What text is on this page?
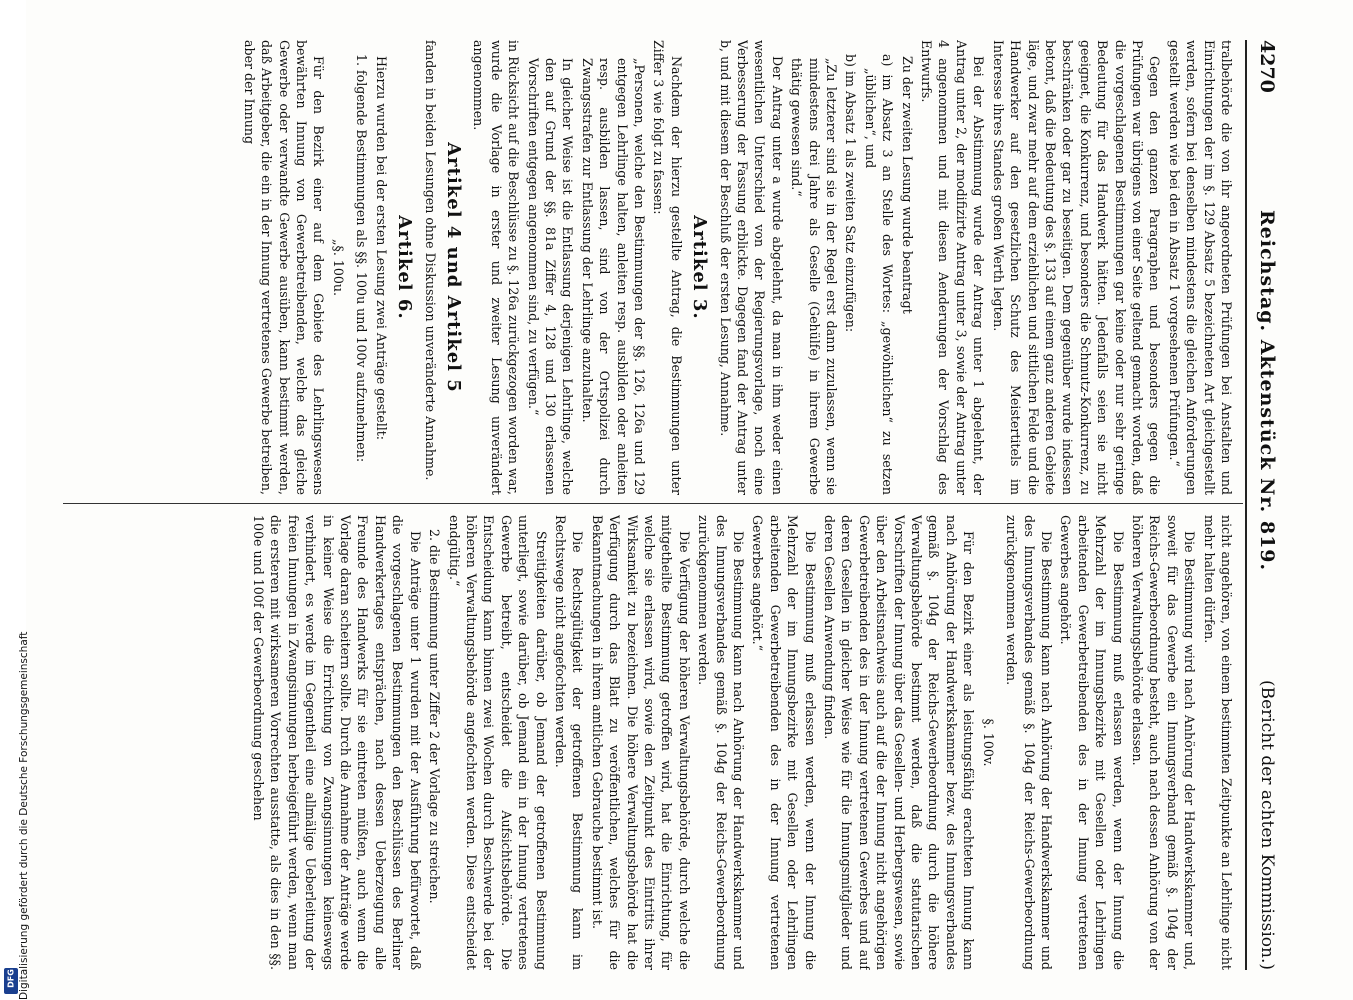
4270
Reichstag. Aktenstück Nr. 819.
(Bericht der achten Kommission.)

tralbehörde die von ihr angeordneten Prüfungen bei Anstalten und Einrichtungen der im §. 129 Absatz 5 bezeichneten Art gleichgestellt werden, sofern bei denselben mindestens die gleichen Anforderungen gestellt werden wie bei den in Absatz 1 vorgesehenen Prüfungen.“

Gegen den ganzen Paragraphen und besonders gegen die Prüfungen war übrigens von einer Seite geltend gemacht worden, daß die vorgeschlagenen Bestimmungen gar keine oder nur sehr geringe Bedeutung für das Handwerk hätten. Jedenfalls seien sie nicht geeignet, die Konkurrenz, und besonders die Schmutz-Konkurrenz, zu beschränken oder gar zu beseitigen. Dem gegenüber wurde indessen betont, daß die Bedeutung des §. 133 auf einem ganz anderen Gebiete läge, und zwar mehr auf dem erziehlichen und sittlichen Felde und die Handwerker auf den gesetzlichen Schutz des Meistertitels im Interesse ihres Standes großen Werth legten.

Bei der Abstimmung wurde der Antrag unter 1 abgelehnt, der Antrag unter 2, der modifizirte Antrag unter 3, sowie der Antrag unter 4 angenommen und mit diesen Aenderungen der Vorschlag des Entwurfs.

Zu der zweiten Lesung wurde beantragt

a) im Absatz 3 an Stelle des Wortes: „gewöhnlichen“ zu setzen „üblichen“, und

b) im Absatz 1 als zweiten Satz einzufügen:

„Zu letzterer sind sie in der Regel erst dann zuzulassen, wenn sie mindestens drei Jahre als Geselle (Gehülfe) in ihrem Gewerbe thätig gewesen sind.“

Der Antrag unter a wurde abgelehnt, da man in ihm weder einen wesentlichen Unterschied von der Regierungsvorlage, noch eine Verbesserung der Fassung erblickte. Dagegen fand der Antrag unter b, und mit diesem der Beschluß der ersten Lesung, Annahme.

Artikel 3.

Nachdem der hierzu gestellte Antrag, die Bestimmungen unter Ziffer 3 wie folgt zu fassen:

„Personen, welche den Bestimmungen der §§. 126, 126a und 129 entgegen Lehrlinge halten, anleiten resp. ausbilden oder anleiten resp. ausbilden lassen, sind von der Ortspolizei durch Zwangsstrafen zur Entlassung der Lehrlinge anzuhalten.

In gleicher Weise ist die Entlassung derjenigen Lehrlinge, welche den auf Grund der §§. 81a Ziffer 4, 128 und 130 erlassenen Vorschriften entgegen angenommen sind, zu verfügen.“

in Rücksicht auf die Beschlüsse zu §. 126a zurückgezogen worden war, wurde die Vorlage in erster und zweiter Lesung unverändert angenommen.

Artikel 4 und Artikel 5

fanden in beiden Lesungen ohne Diskussion unveränderte Annahme.

Artikel 6.

Hierzu wurden bei der ersten Lesung zwei Anträge gestellt:

1. folgende Bestimmungen als §§. 100u und 100v aufzunehmen:

„§. 100u.

Für den Bezirk einer auf dem Gebiete des Lehrlingswesens bewährten Innung von Gewerbetreibenden, welche das gleiche Gewerbe oder verwandte Gewerbe ausüben, kann bestimmt werden, daß Arbeitgeber, die ein in der Innung vertretenes Gewerbe betreiben, aber der Innung

nicht angehören, von einem bestimmten Zeitpunkte an Lehrlinge nicht mehr halten dürfen.

Die Bestimmung wird nach Anhörung der Handwerkskammer und, soweit für das Gewerbe ein Innungsverband gemäß §. 104g der Reichs-Gewerbeordnung besteht, auch nach dessen Anhörung von der höheren Verwaltungsbehörde erlassen.

Die Bestimmung muß erlassen werden, wenn der Innung die Mehrzahl der im Innungsbezirke mit Gesellen oder Lehrlingen arbeitenden Gewerbetreibenden des in der Innung vertretenen Gewerbes angehört.

Die Bestimmung kann nach Anhörung der Handwerkskammer und des Innungsverbandes gemäß §. 104g der Reichs-Gewerbeordnung zurückgenommen werden.

§. 100v.

Für den Bezirk einer als leistungsfähig erachteten Innung kann nach Anhörung der Handwerkskammer bezw. des Innungsverbandes gemäß §. 104g der Reichs-Gewerbeordnung durch die höhere Verwaltungsbehörde bestimmt werden, daß die statutarischen Vorschriften der Innung über das Gesellen- und Herbergswesen, sowie über den Arbeitsnachweis auch auf die der Innung nicht angehörigen Gewerbetreibenden des in der Innung vertretenen Gewerbes und auf deren Gesellen in gleicher Weise wie für die Innungsmitglieder und deren Gesellen Anwendung finden.

Die Bestimmung muß erlassen werden, wenn der Innung die Mehrzahl der im Innungsbezirke mit Gesellen oder Lehrlingen arbeitenden Gewerbetreibenden des in der Innung vertretenen Gewerbes angehört.“

Die Bestimmung kann nach Anhörung der Handwerkskammer und des Innungsverbandes gemäß §. 104g der Reichs-Gewerbeordnung zurückgenommen werden.

Die Verfügung der höheren Verwaltungsbehörde, durch welche die mitgetheilte Bestimmung getroffen wird, hat die Einrichtung, für welche sie erlassen wird, sowie den Zeitpunkt des Eintritts ihrer Wirksamkeit zu bezeichnen. Die höhere Verwaltungsbehörde hat die Verfügung durch das Blatt zu veröffentlichen, welches für die Bekanntmachungen in ihrem amtlichen Gebrauche bestimmt ist.

Die Rechtsgültigkeit der getroffenen Bestimmung kann im Rechtswege nicht angefochten werden.

Streitigkeiten darüber, ob Jemand der getroffenen Bestimmung unterliegt, sowie darüber, ob Jemand ein in der Innung vertretenes Gewerbe betreibt, entscheidet die Aufsichtsbehörde. Die Entscheidung kann binnen zwei Wochen durch Beschwerde bei der höheren Verwaltungsbehörde angefochten werden. Diese entscheidet endgültig.“

2. die Bestimmung unter Ziffer 2 der Vorlage zu streichen.

Die Anträge unter 1 wurden mit der Ausführung befürwortet, daß die vorgeschlagenen Bestimmungen den Beschlüssen des Berliner Handwerkertages entsprächen, nach dessen Ueberzeugung alle Freunde des Handwerks für sie eintreten müßten, auch wenn die Vorlage daran scheitern sollte. Durch die Annahme der Anträge werde in keiner Weise die Errichtung von Zwangsinnungen keineswegs verhindert, es werde im Gegentheil eine allmälige Ueberleitung der freien Innungen in Zwangsinnungen herbeigeführt werden, wenn man die ersteren mit wirksameren Vorrechten ausstatte, als dies in den §§. 100e und 100f der Gewerbeordnung geschehen

Digitalisierung gefördert durch die Deutsche Forschungsgemeinschaft
DFG
